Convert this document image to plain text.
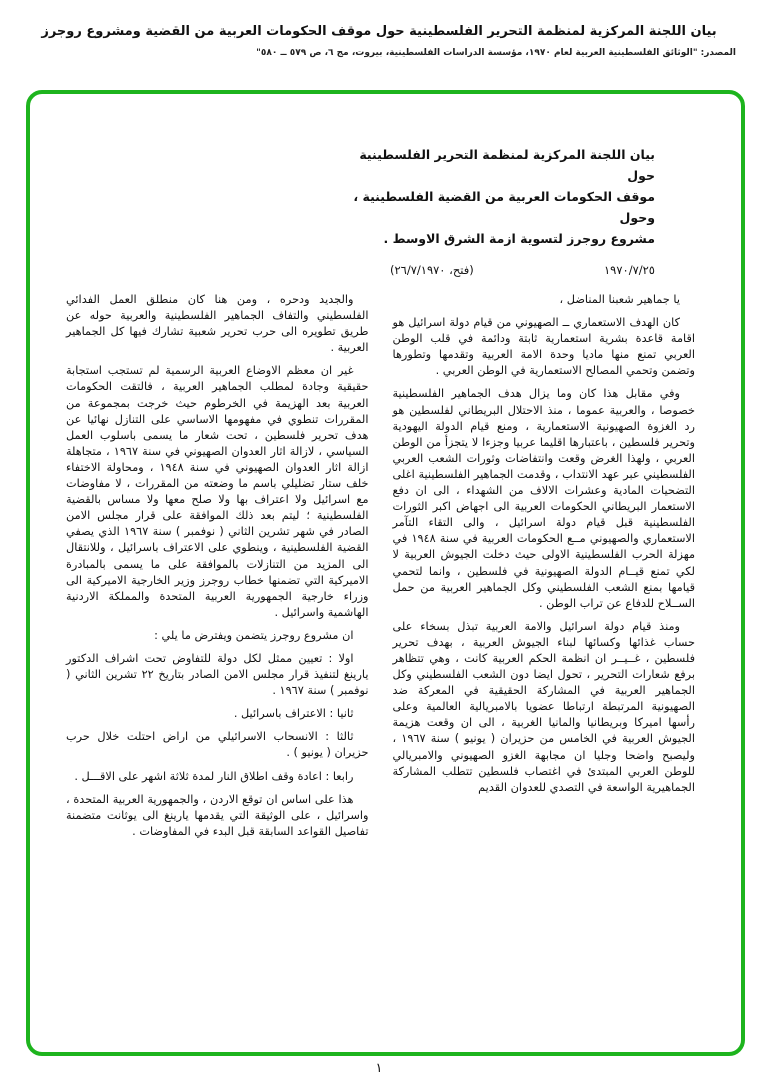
بيان اللجنة المركزية لمنظمة التحرير الفلسطينية حول موقف الحكومات العربية من القضية ومشروع روجرز
المصدر: "الوثائق الفلسطينية العربية لعام ١٩٧٠، مؤسسة الدراسات الفلسطينية، بيروت، مج ٦، ص ٥٧٩ ــ ٥٨٠"
بيان اللجنة المركزية لمنظمة التحرير الفلسطينية حول
موقف الحكومات العربية من القضية الفلسطينية ، وحول
مشروع روجرز لتسوية ازمة الشرق الاوسط .
١٩٧٠/٧/٢٥
(فتح، ٢٦/٧/١٩٧٠)

يا جماهير شعبنا المناضل ،

كان الهدف الاستعماري ــ الصهيوني من قيام دولة اسرائيل هو اقامة قاعدة بشرية استعمارية ثابتة ودائمة في قلب الوطن العربي تمنع منها ماديا وحدة الامة العربية وتقدمها وتطورها وتضمن وتحمي المصالح الاستعمارية في الوطن العربي .

وفي مقابل هذا كان وما يزال هدف الجماهير الفلسطينية خصوصا ، والعربية عموما ، منذ الاحتلال البريطاني لفلسطين هو رد الغزوة الصهيونية الاستعمارية ، ومنع قيام الدولة اليهودية وتحرير فلسطين ، باعتبارها اقليما عربيا وجزءا لا يتجزأ من الوطن العربي ، ولهذا الغرض وقعت وانتفاضات وثورات الشعب العربي الفلسطيني عبر عهد الانتداب ، وقدمت الجماهير الفلسطينية اغلى التضحيات المادية وعشرات الالاف من الشهداء ، الى ان دفع الاستعمار البريطاني الحكومات العربية الى اجهاض اكبر الثورات الفلسطينية قبل قيام دولة اسرائيل ، والى التقاء التآمر الاستعماري والصهيوني مــع الحكومات العربية في سنة ١٩٤٨ في مهزلة الحرب الفلسطينية الاولى حيث دخلت الجيوش العربية لا لكي تمنع قيــام الدولة الصهيونية في فلسطين ، وانما لتحمي قيامها بمنع الشعب الفلسطيني وكل الجماهير العربية من حمل الســلاح للدفاع عن تراب الوطن .

ومنذ قيام دولة اسرائيل والامة العربية تبذل بسخاء على حساب غذائها وكسائها لبناء الجيوش العربية ، بهدف تحرير فلسطين ، غــيــر ان انظمة الحكم العربية كانت ، وهي تتظاهر برفع شعارات التحرير ، تحول ايضا دون الشعب الفلسطيني وكل الجماهير العربية في المشاركة الحقيقية في المعركة ضد الصهيونية المرتبطة ارتباطا عضويا بالامبريالية العالمية وعلى رأسها اميركا وبريطانيا والمانيا الغربية ، الى ان وقعت هزيمة الجيوش العربية في الخامس من حزيران ( يونيو ) سنة ١٩٦٧ ، وليصبح واضحا وجليا ان مجابهة الغزو الصهيوني والامبريالي للوطن العربي المبتدئ في اغتصاب فلسطين تتطلب المشاركة الجماهيرية الواسعة في التصدي للعدوان القديم

والجديد ودحره ، ومن هنا كان منطلق العمل الفدائي الفلسطيني والتفاف الجماهير الفلسطينية والعربية حوله عن طريق تطويره الى حرب تحرير شعبية تشارك فيها كل الجماهير العربية .

غير ان معظم الاوضاع العربية الرسمية لم تستجب استجابة حقيقية وجادة لمطلب الجماهير العربية ، فالتقت الحكومات العربية بعد الهزيمة في الخرطوم حيث خرجت بمجموعة من المقررات تنطوي في مفهومها الاساسي على التنازل نهائيا عن هدف تحرير فلسطين ، تحت شعار ما يسمى باسلوب العمل السياسي ، لازالة اثار العدوان الصهيوني في سنة ١٩٦٧ ، متجاهلة ازالة اثار العدوان الصهيوني في سنة ١٩٤٨ ، ومحاولة الاختفاء خلف ستار تضليلي باسم ما وضعته من المقررات ، لا مفاوضات مع اسرائيل ولا اعتراف بها ولا صلح معها ولا مساس بالقضية الفلسطينية ؛ ليتم بعد ذلك الموافقة على قرار مجلس الامن الصادر في شهر تشرين الثاني ( نوفمبر ) سنة ١٩٦٧ الذي يصفي القضية الفلسطينية ، وينطوي على الاعتراف باسرائيل ، وللانتقال الى المزيد من التنازلات بالموافقة على ما يسمى بالمبادرة الاميركية التي تضمنها خطاب روجرز وزير الخارجية الاميركية الى وزراء خارجية الجمهورية العربية المتحدة والمملكة الاردنية الهاشمية واسرائيل .

ان مشروع روجرز يتضمن ويفترض ما يلي :

اولا : تعيين ممثل لكل دولة للتفاوض تحت اشراف الدكتور يارينغ لتنفيذ قرار مجلس الامن الصادر بتاريخ ٢٢ تشرين الثاني ( نوفمبر ) سنة ١٩٦٧ .

ثانيا : الاعتراف باسرائيل .

ثالثا : الانسحاب الاسرائيلي من اراض احتلت خلال حرب حزيران ( يونيو ) .

رابعا : اعادة وقف اطلاق النار لمدة ثلاثة اشهر على الاقـــل .

هذا على اساس ان توقع الاردن ، والجمهورية العربية المتحدة ، واسرائيل ، على الوثيقة التي يقدمها يارينغ الى يوثانت متضمنة تفاصيل القواعد السابقة قبل البدء في المفاوضات .

١
